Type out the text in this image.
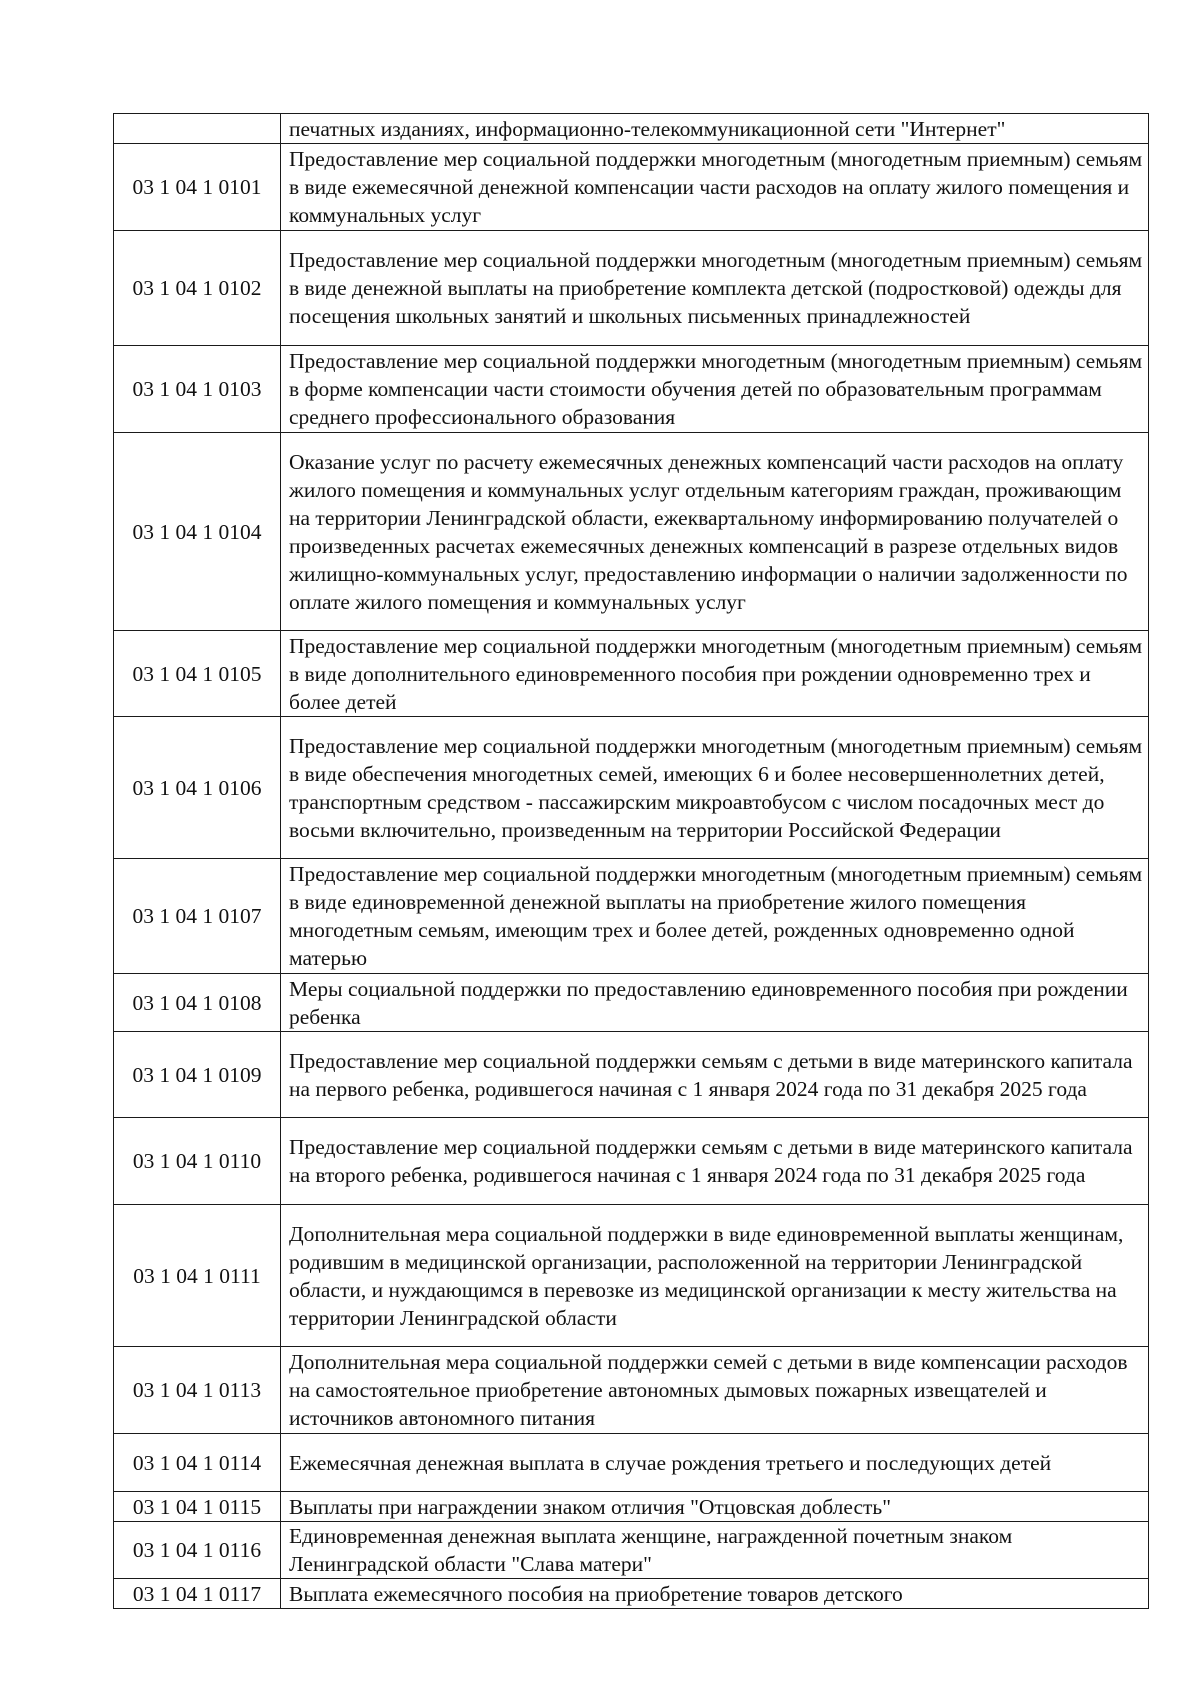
	печатных изданиях, информационно-телекоммуникационной сети "Интернет"
03 1 04 1 0101	Предоставление мер социальной поддержки многодетным (многодетным приемным) семьям в виде ежемесячной денежной компенсации части расходов на оплату жилого помещения и коммунальных услуг
03 1 04 1 0102	Предоставление мер социальной поддержки многодетным (многодетным приемным) семьям в виде денежной выплаты на приобретение комплекта детской (подростковой) одежды для посещения школьных занятий и школьных письменных принадлежностей
03 1 04 1 0103	Предоставление мер социальной поддержки многодетным (многодетным приемным) семьям в форме компенсации части стоимости обучения детей по образовательным программам среднего профессионального образования
03 1 04 1 0104	Оказание услуг по расчету ежемесячных денежных компенсаций части расходов на оплату жилого помещения и коммунальных услуг отдельным категориям граждан, проживающим на территории Ленинградской области, ежеквартальному информированию получателей о произведенных расчетах ежемесячных денежных компенсаций в разрезе отдельных видов жилищно-коммунальных услуг, предоставлению информации о наличии задолженности по оплате жилого помещения и коммунальных услуг
03 1 04 1 0105	Предоставление мер социальной поддержки многодетным (многодетным приемным) семьям в виде дополнительного единовременного пособия при рождении одновременно трех и более детей
03 1 04 1 0106	Предоставление мер социальной поддержки многодетным (многодетным приемным) семьям в виде обеспечения многодетных семей, имеющих 6 и более несовершеннолетних детей, транспортным средством - пассажирским микроавтобусом с числом посадочных мест до восьми включительно, произведенным на территории Российской Федерации
03 1 04 1 0107	Предоставление мер социальной поддержки многодетным (многодетным приемным) семьям в виде единовременной денежной выплаты на приобретение жилого помещения многодетным семьям, имеющим трех и более детей, рожденных одновременно одной матерью
03 1 04 1 0108	Меры социальной поддержки по предоставлению единовременного пособия при рождении ребенка
03 1 04 1 0109	Предоставление мер социальной поддержки семьям с детьми в виде материнского капитала на первого ребенка, родившегося начиная с 1 января 2024 года по 31 декабря 2025 года
03 1 04 1 0110	Предоставление мер социальной поддержки семьям с детьми в виде материнского капитала на второго ребенка, родившегося начиная с 1 января 2024 года по 31 декабря 2025 года
03 1 04 1 0111	Дополнительная мера социальной поддержки в виде единовременной выплаты женщинам, родившим в медицинской организации, расположенной на территории Ленинградской области, и нуждающимся в перевозке из медицинской организации к месту жительства на территории Ленинградской области
03 1 04 1 0113	Дополнительная мера социальной поддержки семей с детьми в виде компенсации расходов на самостоятельное приобретение автономных дымовых пожарных извещателей и источников автономного питания
03 1 04 1 0114	Ежемесячная денежная выплата в случае рождения третьего и последующих детей
03 1 04 1 0115	Выплаты при награждении знаком отличия "Отцовская доблесть"
03 1 04 1 0116	Единовременная денежная выплата женщине, награжденной почетным знаком Ленинградской области "Слава матери"
03 1 04 1 0117	Выплата ежемесячного пособия на приобретение товаров детского
